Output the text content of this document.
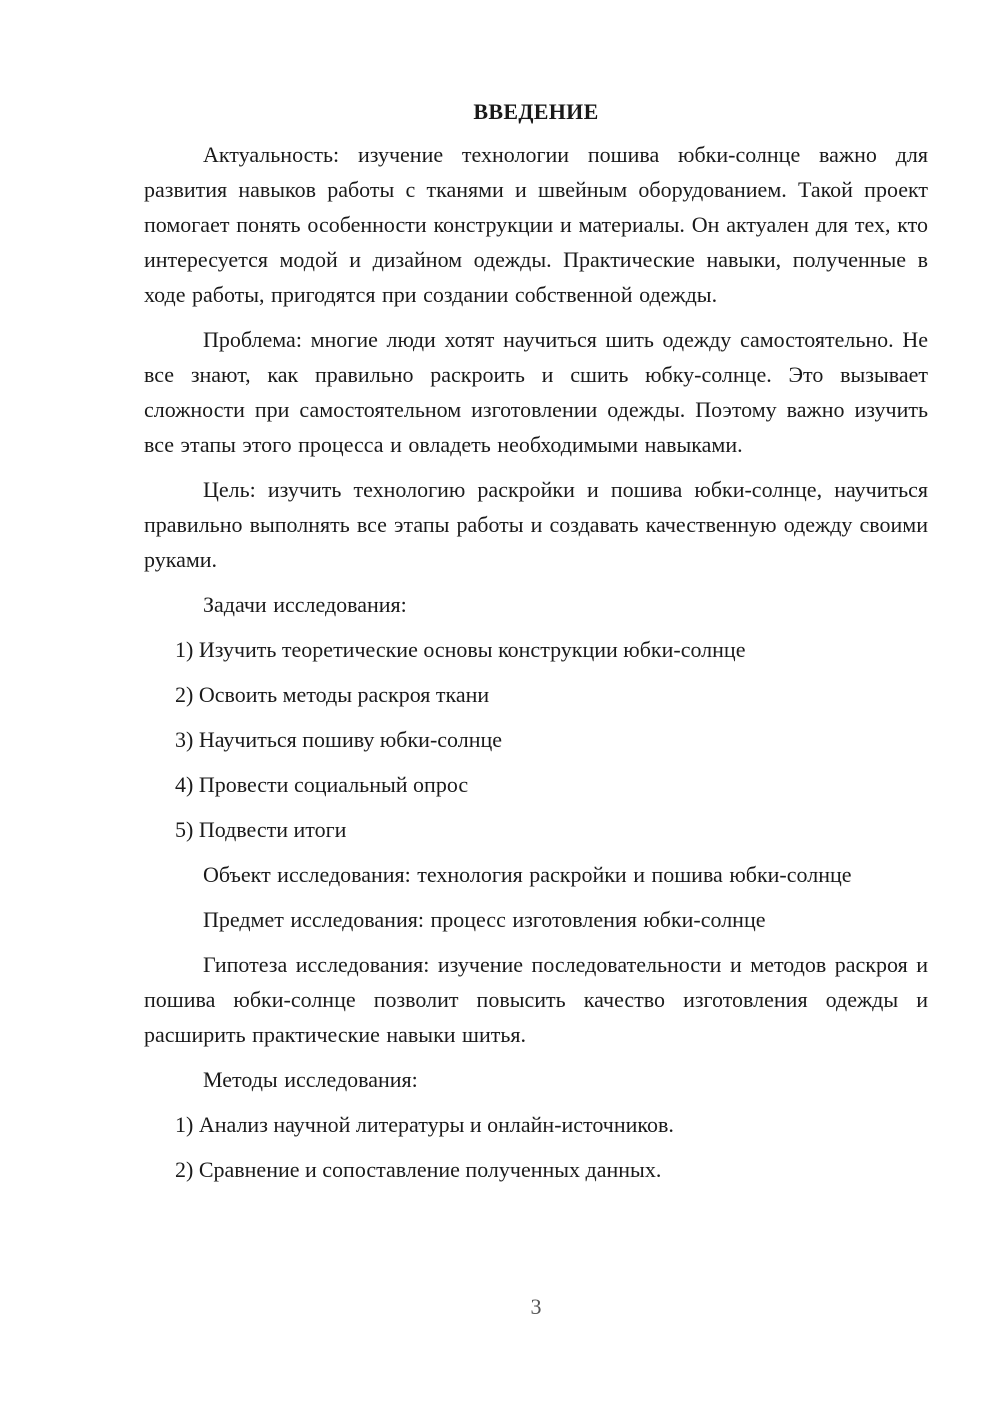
ВВЕДЕНИЕ

Актуальность: изучение технологии пошива юбки-солнце важно для развития навыков работы с тканями и швейным оборудованием. Такой проект помогает понять особенности конструкции и материалы. Он актуален для тех, кто интересуется модой и дизайном одежды. Практические навыки, полученные в ходе работы, пригодятся при создании собственной одежды.

Проблема: многие люди хотят научиться шить одежду самостоятельно. Не все знают, как правильно раскроить и сшить юбку-солнце. Это вызывает сложности при самостоятельном изготовлении одежды. Поэтому важно изучить все этапы этого процесса и овладеть необходимыми навыками.

Цель: изучить технологию раскройки и пошива юбки-солнце, научиться правильно выполнять все этапы работы и создавать качественную одежду своими руками.

Задачи исследования:

1) Изучить теоретические основы конструкции юбки-солнце

2) Освоить методы раскроя ткани

3) Научиться пошиву юбки-солнце

4) Провести социальный опрос

5) Подвести итоги

Объект исследования: технология раскройки и пошива юбки-солнце

Предмет исследования: процесс изготовления юбки-солнце

Гипотеза исследования: изучение последовательности и методов раскроя и пошива юбки-солнце позволит повысить качество изготовления одежды и расширить практические навыки шитья.

Методы исследования:

1) Анализ научной литературы и онлайн-источников.

2) Сравнение и сопоставление полученных данных.

3
